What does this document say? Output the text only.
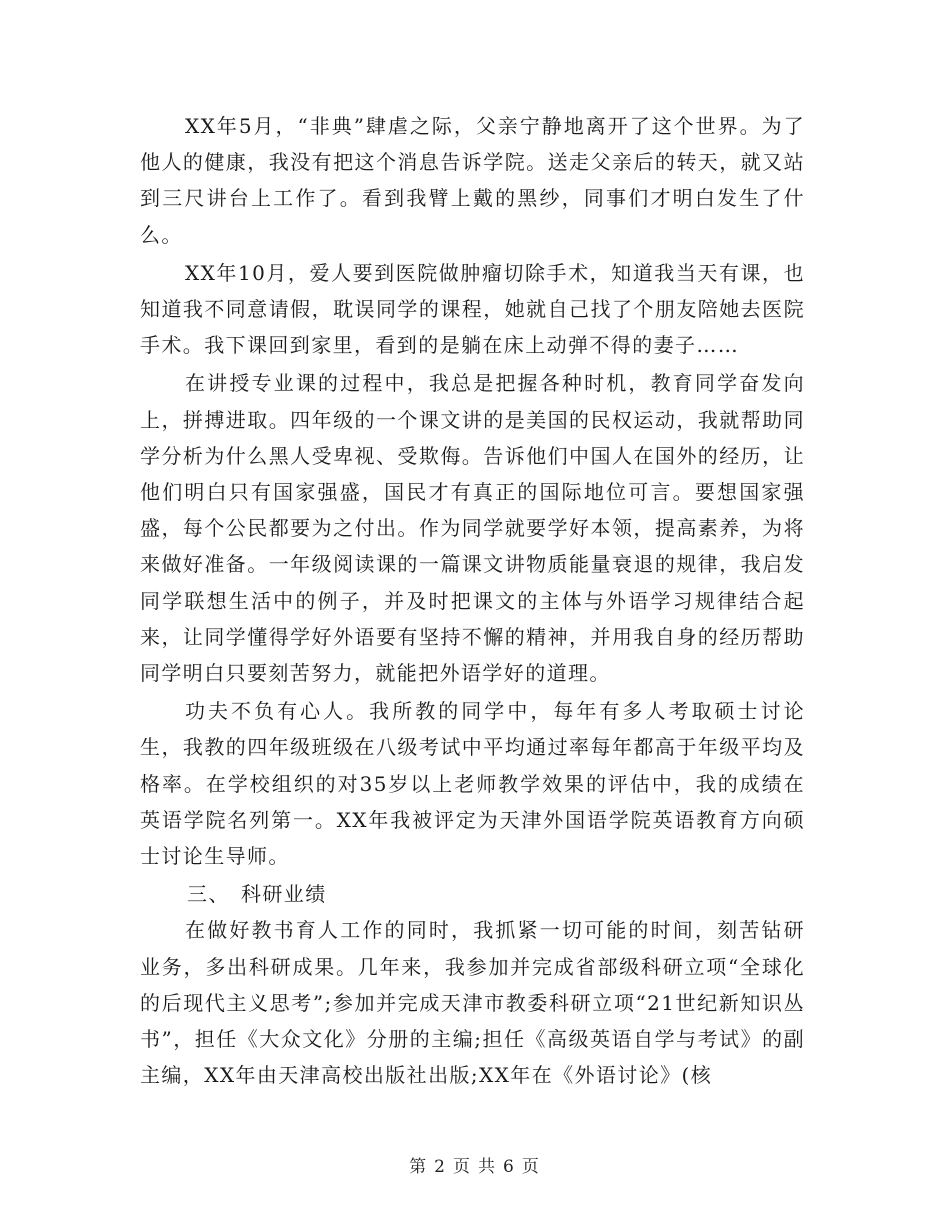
XX年5月，“非典”肆虐之际，父亲宁静地离开了这个世界。为了他人的健康，我没有把这个消息告诉学院。送走父亲后的转天，就又站到三尺讲台上工作了。看到我臂上戴的黑纱，同事们才明白发生了什么。

XX年10月，爱人要到医院做肿瘤切除手术，知道我当天有课，也知道我不同意请假，耽误同学的课程，她就自己找了个朋友陪她去医院手术。我下课回到家里，看到的是躺在床上动弹不得的妻子……

在讲授专业课的过程中，我总是把握各种时机，教育同学奋发向上，拼搏进取。四年级的一个课文讲的是美国的民权运动，我就帮助同学分析为什么黑人受卑视、受欺侮。告诉他们中国人在国外的经历，让他们明白只有国家强盛，国民才有真正的国际地位可言。要想国家强盛，每个公民都要为之付出。作为同学就要学好本领，提高素养，为将来做好准备。一年级阅读课的一篇课文讲物质能量衰退的规律，我启发同学联想生活中的例子，并及时把课文的主体与外语学习规律结合起来，让同学懂得学好外语要有坚持不懈的精神，并用我自身的经历帮助同学明白只要刻苦努力，就能把外语学好的道理。

功夫不负有心人。我所教的同学中，每年有多人考取硕士讨论生，我教的四年级班级在八级考试中平均通过率每年都高于年级平均及格率。在学校组织的对35岁以上老师教学效果的评估中，我的成绩在英语学院名列第一。XX年我被评定为天津外国语学院英语教育方向硕士讨论生导师。

三、 科研业绩

在做好教书育人工作的同时，我抓紧一切可能的时间，刻苦钻研业务，多出科研成果。几年来，我参加并完成省部级科研立项“全球化的后现代主义思考”;参加并完成天津市教委科研立项“21世纪新知识丛书”，担任《大众文化》分册的主编;担任《高级英语自学与考试》的副主编，XX年由天津高校出版社出版;XX年在《外语讨论》(核

第 2 页 共 6 页
